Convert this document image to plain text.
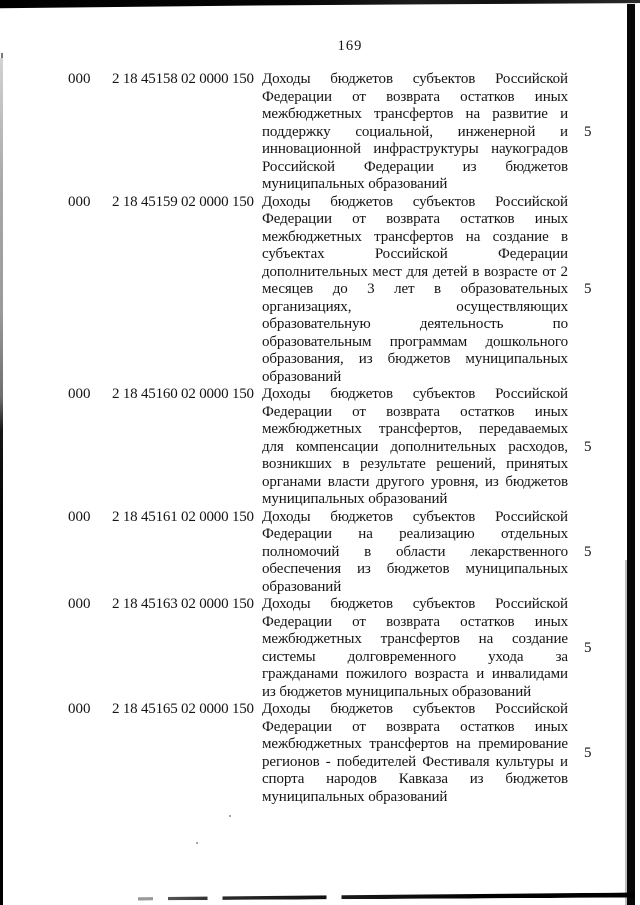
169
000	2 18 45158 02 0000 150 Доходы бюджетов субъектов Российской
Федерации от возврата остатков иных
межбюджетных трансфертов на развитие и
поддержку социальной, инженерной и
инновационной инфраструктуры наукоградов
Российской Федерации из бюджетов
муниципальных образований
5
000	2 18 45159 02 0000 150 Доходы бюджетов субъектов Российской
Федерации от возврата остатков иных
межбюджетных трансфертов на создание в
субъектах	Российской	Федерации
дополнительных мест для детей в возрасте от 2
месяцев до 3 лет в образовательных
организациях,	осуществляющих
образовательную	деятельность	по
образовательным программам дошкольного
образования, из бюджетов муниципальных
образований
5
000	2 18 45160 02 0000 150 Доходы бюджетов субъектов Российской
Федерации от возврата остатков иных
межбюджетных трансфертов, передаваемых
для компенсации дополнительных расходов,
возникших в результате решений, принятых
органами власти другого уровня, из бюджетов
муниципальных образований
5
000	2 18 45161 02 0000 150 Доходы бюджетов субъектов Российской
Федерации на реализацию отдельных
полномочий в области лекарственного
обеспечения из бюджетов муниципальных
образований
5
000	2 18 45163 02 0000 150 Доходы бюджетов субъектов Российской
Федерации от возврата остатков иных
межбюджетных трансфертов на создание
системы долговременного ухода за
гражданами пожилого возраста и инвалидами
из бюджетов муниципальных образований
5
000	2 18 45165 02 0000 150 Доходы бюджетов субъектов Российской
Федерации от возврата остатков иных
межбюджетных трансфертов на премирование
регионов - победителей Фестиваля культуры и
спорта народов Кавказа из бюджетов
муниципальных образований
5
